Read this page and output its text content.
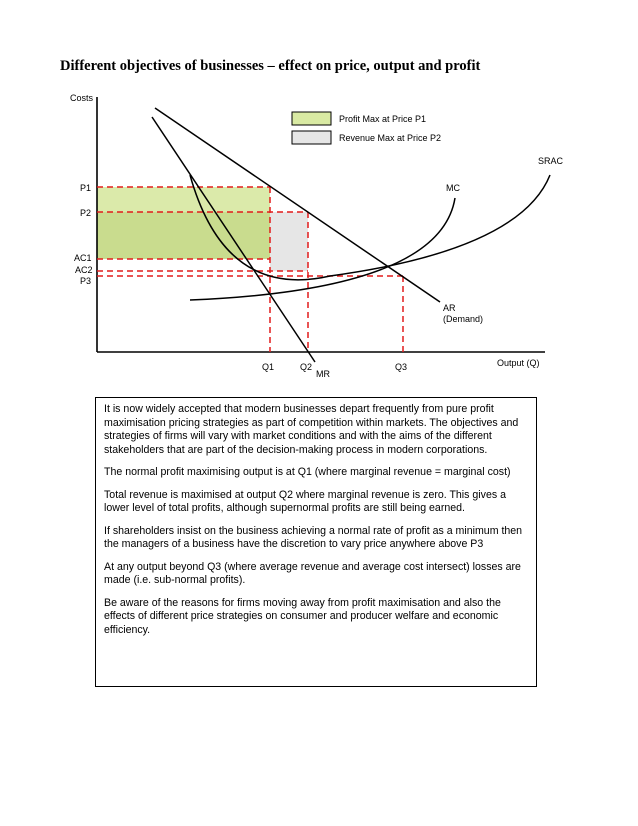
Different objectives of businesses – effect on price, output and profit
Profit Max at Price P1
Revenue Max at Price P2
Costs
Output (Q)
P1
P2
AC1
AC2
P3
Q1	Q2	Q3
SRAC
MC
AR
(Demand)
MR

It is now widely accepted that modern businesses depart frequently from pure profit maximisation pricing strategies as part of competition within markets. The objectives and strategies of firms will vary with market conditions and with the aims of the different stakeholders that are part of the decision-making process in modern corporations.

The normal profit maximising output is at Q1 (where marginal revenue = marginal cost)

Total revenue is maximised at output Q2 where marginal revenue is zero. This gives a lower level of total profits, although supernormal profits are still being earned.

If shareholders insist on the business achieving a normal rate of profit as a minimum then the managers of a business have the discretion to vary price anywhere above P3

At any output beyond Q3 (where average revenue and average cost intersect) losses are made (i.e. sub-normal profits).

Be aware of the reasons for firms moving away from profit maximisation and also the effects of different price strategies on consumer and producer welfare and economic efficiency.
